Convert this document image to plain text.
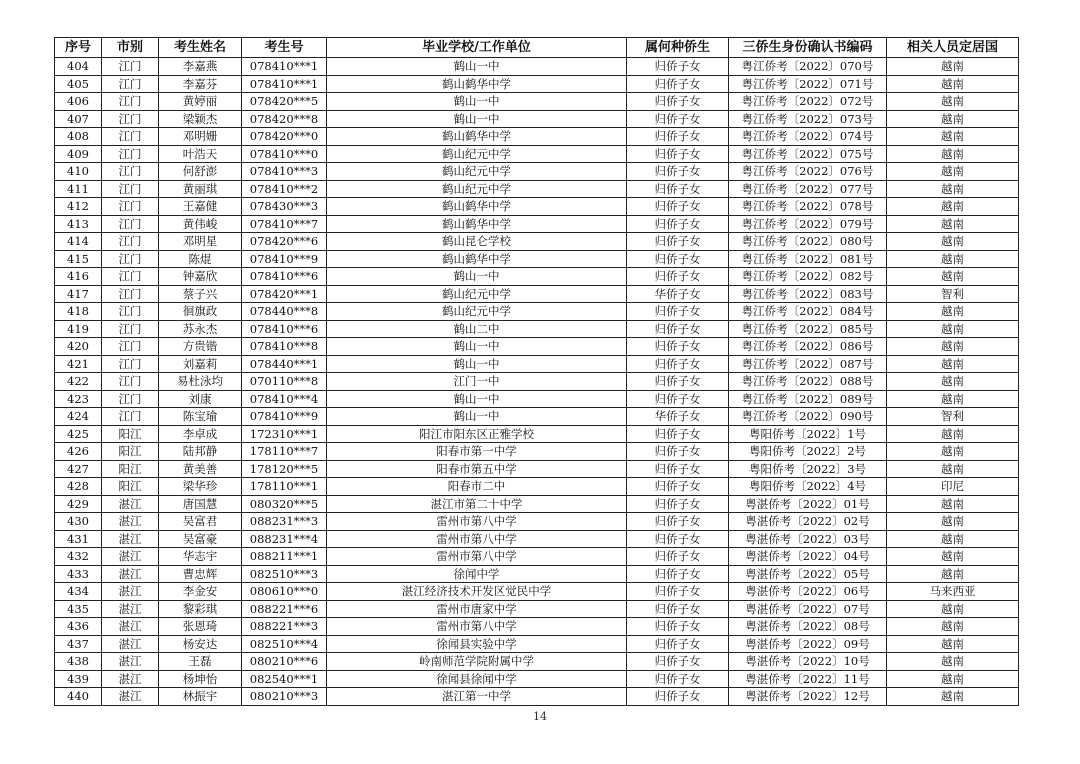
序号	市别	考生姓名	考生号	毕业学校/工作单位	属何种侨生	三侨生身份确认书编码	相关人员定居国
404	江门	李嘉燕	078410***1	鹤山一中	归侨子女	粤江侨考〔2022〕070号	越南
405	江门	李嘉芬	078410***1	鹤山鹤华中学	归侨子女	粤江侨考〔2022〕071号	越南
406	江门	黄婷丽	078420***5	鹤山一中	归侨子女	粤江侨考〔2022〕072号	越南
407	江门	梁颖杰	078420***8	鹤山一中	归侨子女	粤江侨考〔2022〕073号	越南
408	江门	邓明姗	078420***0	鹤山鹤华中学	归侨子女	粤江侨考〔2022〕074号	越南
409	江门	叶浩天	078410***0	鹤山纪元中学	归侨子女	粤江侨考〔2022〕075号	越南
410	江门	何舒澎	078410***3	鹤山纪元中学	归侨子女	粤江侨考〔2022〕076号	越南
411	江门	黄丽琪	078410***2	鹤山纪元中学	归侨子女	粤江侨考〔2022〕077号	越南
412	江门	王嘉健	078430***3	鹤山鹤华中学	归侨子女	粤江侨考〔2022〕078号	越南
413	江门	黄伟峻	078410***7	鹤山鹤华中学	归侨子女	粤江侨考〔2022〕079号	越南
414	江门	邓明星	078420***6	鹤山昆仑学校	归侨子女	粤江侨考〔2022〕080号	越南
415	江门	陈焜	078410***9	鹤山鹤华中学	归侨子女	粤江侨考〔2022〕081号	越南
416	江门	钟嘉欣	078410***6	鹤山一中	归侨子女	粤江侨考〔2022〕082号	越南
417	江门	蔡子兴	078420***1	鹤山纪元中学	华侨子女	粤江侨考〔2022〕083号	智利
418	江门	徊旗政	078440***8	鹤山纪元中学	归侨子女	粤江侨考〔2022〕084号	越南
419	江门	苏永杰	078410***6	鹤山二中	归侨子女	粤江侨考〔2022〕085号	越南
420	江门	方贵锴	078410***8	鹤山一中	归侨子女	粤江侨考〔2022〕086号	越南
421	江门	刘嘉莉	078440***1	鹤山一中	归侨子女	粤江侨考〔2022〕087号	越南
422	江门	易杜泳均	070110***8	江门一中	归侨子女	粤江侨考〔2022〕088号	越南
423	江门	刘康	078410***4	鹤山一中	归侨子女	粤江侨考〔2022〕089号	越南
424	江门	陈宝瑜	078410***9	鹤山一中	华侨子女	粤江侨考〔2022〕090号	智利
425	阳江	李卓成	172310***1	阳江市阳东区正雅学校	归侨子女	粤阳侨考〔2022〕1号	越南
426	阳江	陆邦静	178110***7	阳春市第一中学	归侨子女	粤阳侨考〔2022〕2号	越南
427	阳江	黄美善	178120***5	阳春市第五中学	归侨子女	粤阳侨考〔2022〕3号	越南
428	阳江	梁华珍	178110***1	阳春市二中	归侨子女	粤阳侨考〔2022〕4号	印尼
429	湛江	唐国慧	080320***5	湛江市第二十中学	归侨子女	粤湛侨考〔2022〕01号	越南
430	湛江	吴富君	088231***3	雷州市第八中学	归侨子女	粤湛侨考〔2022〕02号	越南
431	湛江	吴富豪	088231***4	雷州市第八中学	归侨子女	粤湛侨考〔2022〕03号	越南
432	湛江	华志宇	088211***1	雷州市第八中学	归侨子女	粤湛侨考〔2022〕04号	越南
433	湛江	曹忠辉	082510***3	徐闻中学	归侨子女	粤湛侨考〔2022〕05号	越南
434	湛江	李金安	080610***0	湛江经济技术开发区觉民中学	归侨子女	粤湛侨考〔2022〕06号	马来西亚
435	湛江	黎彩琪	088221***6	雷州市唐家中学	归侨子女	粤湛侨考〔2022〕07号	越南
436	湛江	张恩琦	088221***3	雷州市第八中学	归侨子女	粤湛侨考〔2022〕08号	越南
437	湛江	杨安达	082510***4	徐闻县实验中学	归侨子女	粤湛侨考〔2022〕09号	越南
438	湛江	王磊	080210***6	岭南师范学院附属中学	归侨子女	粤湛侨考〔2022〕10号	越南
439	湛江	杨坤怡	082540***1	徐闻县徐闻中学	归侨子女	粤湛侨考〔2022〕11号	越南
440	湛江	林振宇	080210***3	湛江第一中学	归侨子女	粤湛侨考〔2022〕12号	越南
14
